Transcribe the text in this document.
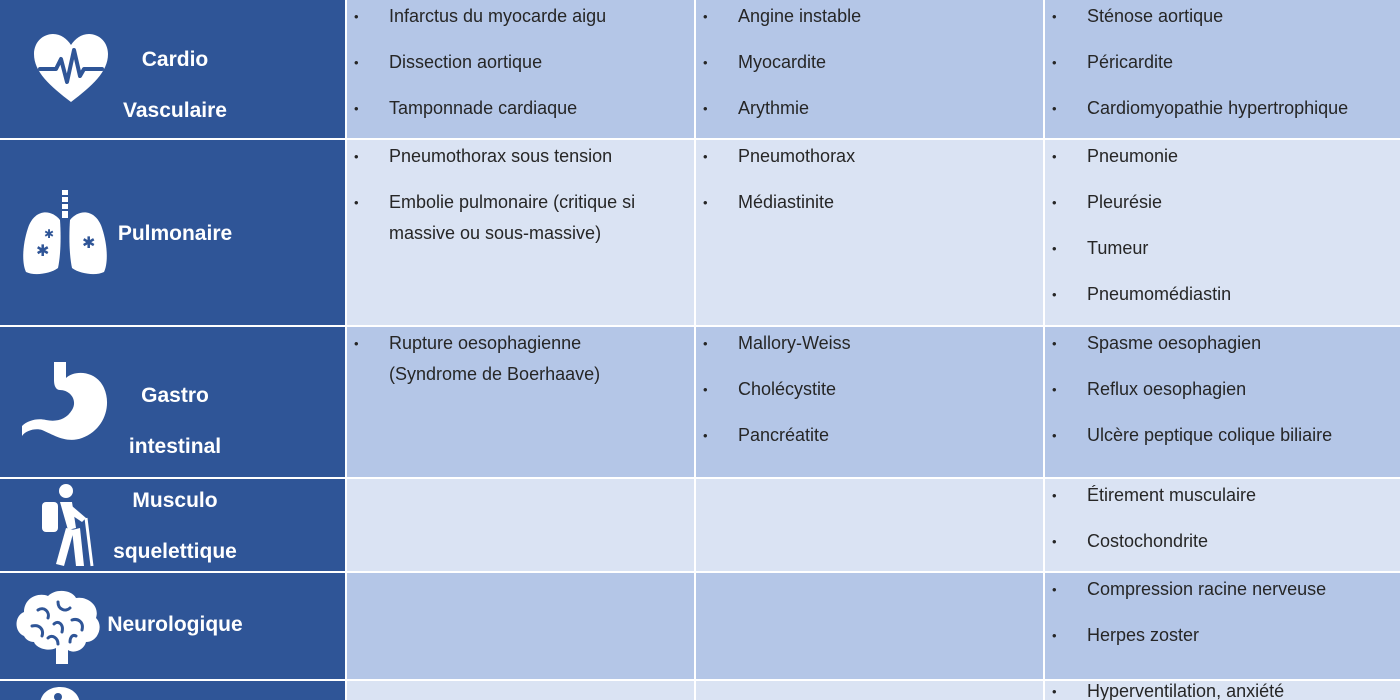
Cardio
Vasculaire
• Infarctus du myocarde aigu
• Dissection aortique
• Tamponnade cardiaque
• Angine instable
• Myocardite
• Arythmie
• Sténose aortique
• Péricardite
• Cardiomyopathie hypertrophique
✱
✱ ✱	Pulmonaire
• Pneumothorax sous tension
• Embolie pulmonaire (critique si massive ou sous-massive)
• Pneumothorax
• Médiastinite
• Pneumonie
• Pleurésie
• Tumeur
• Pneumomédiastin
Gastro
intestinal
• Rupture oesophagienne (Syndrome de Boerhaave)
• Mallory-Weiss
• Cholécystite
• Pancréatite
• Spasme oesophagien
• Reflux oesophagien
• Ulcère peptique colique biliaire
Musculo
squelettique
• Étirement musculaire
• Costochondrite
Neurologique
• Compression racine nerveuse
• Herpes zoster
• Hyperventilation, anxiété
